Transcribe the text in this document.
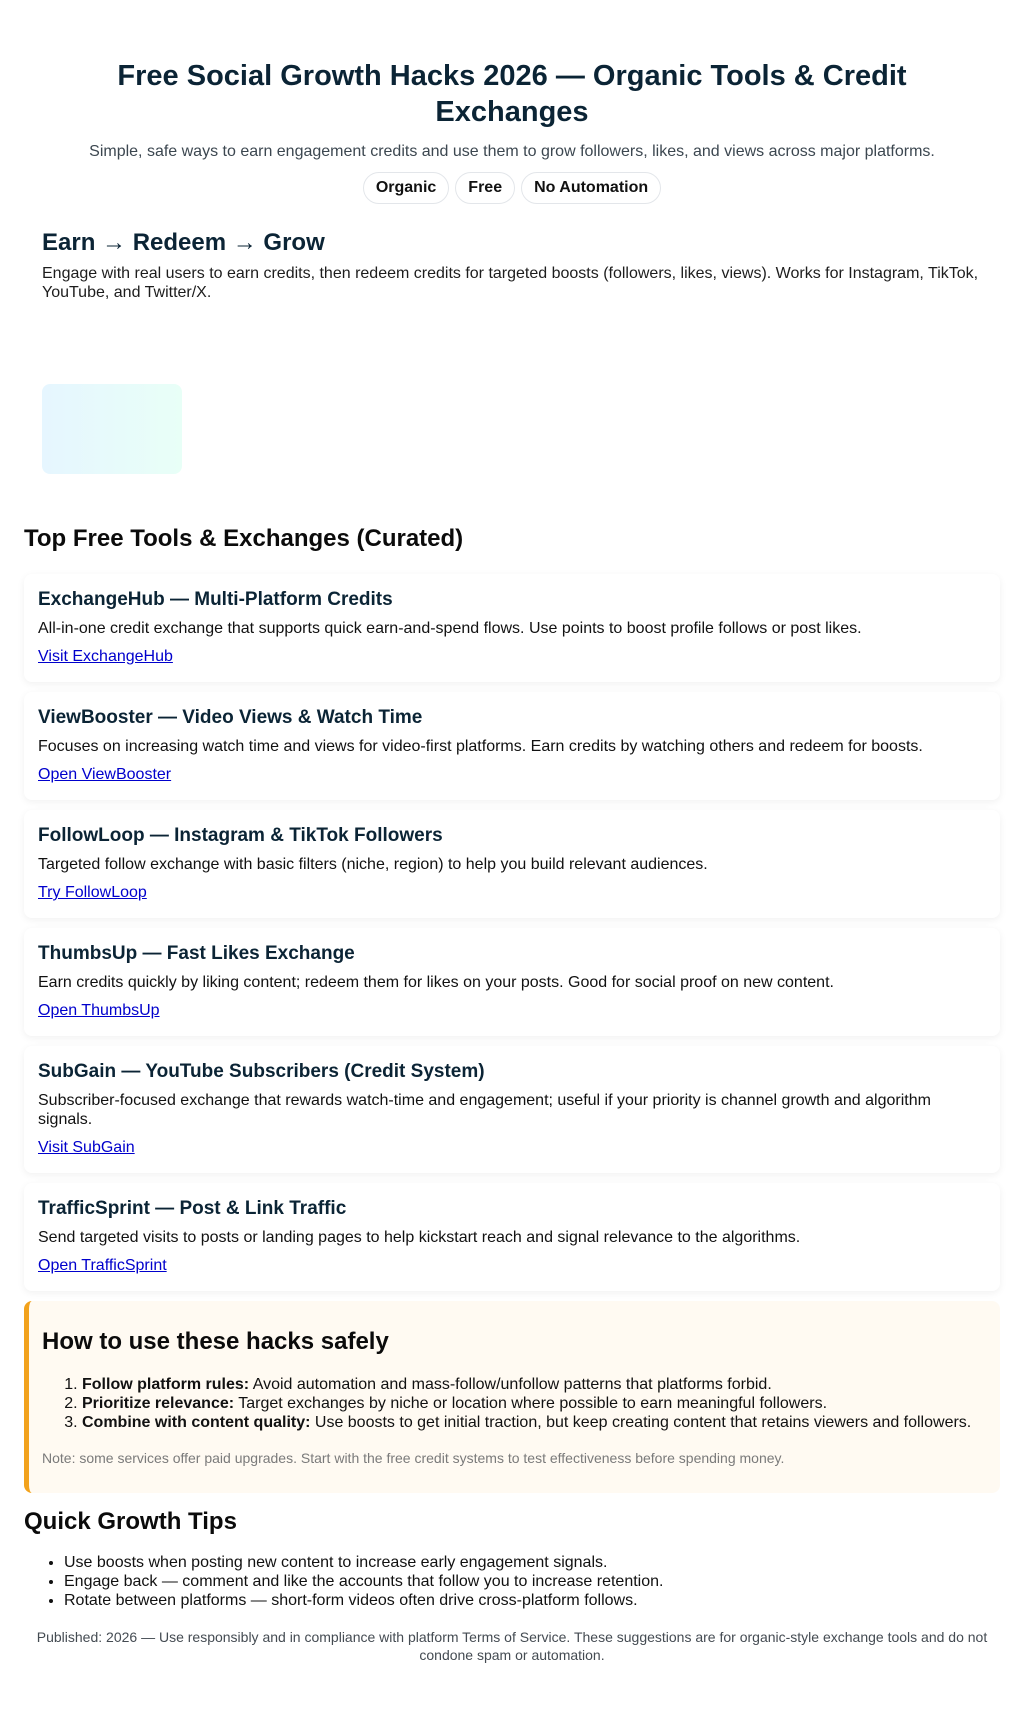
Free Social Growth Hacks 2026 — Organic Tools & Credit Exchanges

Simple, safe ways to earn engagement credits and use them to grow followers, likes, and views across major platforms.

Organic	Free	No Automation
Earn → Redeem → Grow

Engage with real users to earn credits, then redeem credits for targeted boosts (followers, likes, views). Works for Instagram, TikTok, YouTube, and Twitter/X.

Top Free Tools & Exchanges (Curated)
ExchangeHub — Multi-Platform Credits

All-in-one credit exchange that supports quick earn-and-spend flows. Use points to boost profile follows or post likes.

Visit ExchangeHub
ViewBooster — Video Views & Watch Time

Focuses on increasing watch time and views for video-first platforms. Earn credits by watching others and redeem for boosts.

Open ViewBooster
FollowLoop — Instagram & TikTok Followers

Targeted follow exchange with basic filters (niche, region) to help you build relevant audiences.

Try FollowLoop
ThumbsUp — Fast Likes Exchange

Earn credits quickly by liking content; redeem them for likes on your posts. Good for social proof on new content.

Open ThumbsUp
SubGain — YouTube Subscribers (Credit System)

Subscriber-focused exchange that rewards watch-time and engagement; useful if your priority is channel growth and algorithm signals.

Visit SubGain
TrafficSprint — Post & Link Traffic

Send targeted visits to posts or landing pages to help kickstart reach and signal relevance to the algorithms.

Open TrafficSprint
How to use these hacks safely
1. Follow platform rules: Avoid automation and mass-follow/unfollow patterns that platforms forbid.
2. Prioritize relevance: Target exchanges by niche or location where possible to earn meaningful followers.
3. Combine with content quality: Use boosts to get initial traction, but keep creating content that retains viewers and followers.

Note: some services offer paid upgrades. Start with the free credit systems to test effectiveness before spending money.

Quick Growth Tips
• Use boosts when posting new content to increase early engagement signals.
• Engage back — comment and like the accounts that follow you to increase retention.
• Rotate between platforms — short-form videos often drive cross-platform follows.
Published: 2026 — Use responsibly and in compliance with platform Terms of Service. These suggestions are for organic-style exchange tools and do not condone spam or automation.
